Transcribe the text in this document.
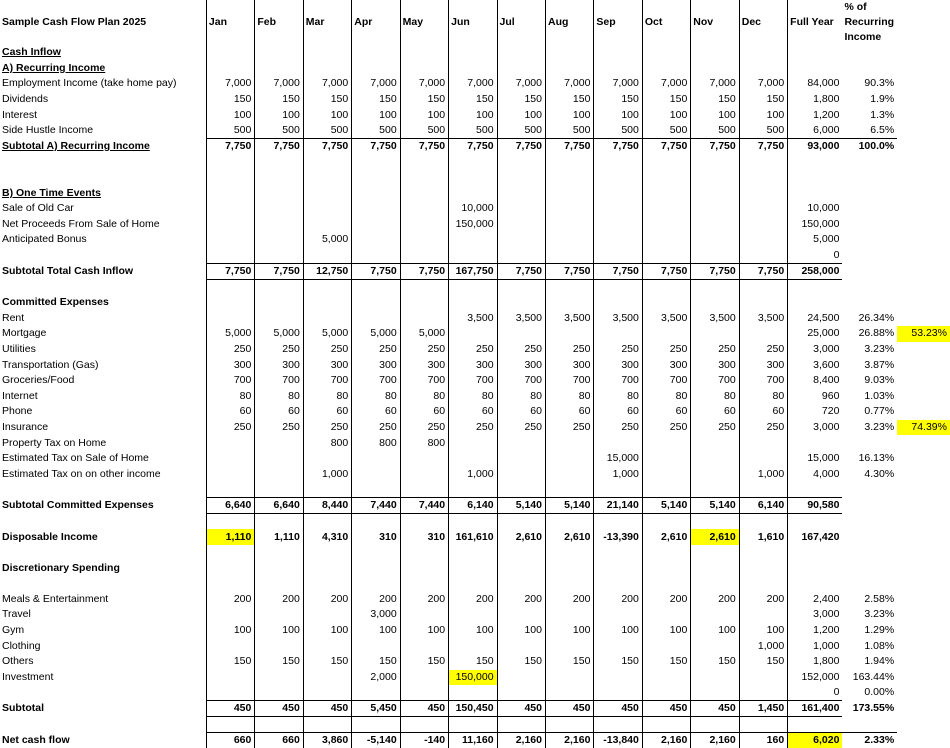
Sample Cash Flow Plan 2025	Jan	Feb	Mar	Apr	May	Jun	Jul	Aug	Sep	Oct	Nov	Dec	Full Year	% of Recurring Income	
Cash Inflow															
A) Recurring Income															
Employment Income (take home pay)	7,000	7,000	7,000	7,000	7,000	7,000	7,000	7,000	7,000	7,000	7,000	7,000	84,000	90.3%	
Dividends	150	150	150	150	150	150	150	150	150	150	150	150	1,800	1.9%	
Interest	100	100	100	100	100	100	100	100	100	100	100	100	1,200	1.3%	
Side Hustle Income	500	500	500	500	500	500	500	500	500	500	500	500	6,000	6.5%	
Subtotal A) Recurring Income	7,750	7,750	7,750	7,750	7,750	7,750	7,750	7,750	7,750	7,750	7,750	7,750	93,000	100.0%	

B) One Time Events															
Sale of Old Car						10,000							10,000		
Net Proceeds From Sale of Home						150,000							150,000		
Anticipated Bonus			5,000										5,000		
													0		
Subtotal Total Cash Inflow	7,750	7,750	12,750	7,750	7,750	167,750	7,750	7,750	7,750	7,750	7,750	7,750	258,000		

Committed Expenses															
Rent						3,500	3,500	3,500	3,500	3,500	3,500	3,500	24,500	26.34%	
Mortgage	5,000	5,000	5,000	5,000	5,000								25,000	26.88%	53.23%
Utilities	250	250	250	250	250	250	250	250	250	250	250	250	3,000	3.23%	
Transportation (Gas)	300	300	300	300	300	300	300	300	300	300	300	300	3,600	3.87%	
Groceries/Food	700	700	700	700	700	700	700	700	700	700	700	700	8,400	9.03%	
Internet	80	80	80	80	80	80	80	80	80	80	80	80	960	1.03%	
Phone	60	60	60	60	60	60	60	60	60	60	60	60	720	0.77%	
Insurance	250	250	250	250	250	250	250	250	250	250	250	250	3,000	3.23%	74.39%
Property Tax on Home			800	800	800										
Estimated Tax on Sale of Home									15,000				15,000	16.13%	
Estimated Tax on on other income			1,000			1,000			1,000			1,000	4,000	4.30%	

Subtotal Committed Expenses	6,640	6,640	8,440	7,440	7,440	6,140	5,140	5,140	21,140	5,140	5,140	6,140	90,580		

Disposable Income	1,110	1,110	4,310	310	310	161,610	2,610	2,610	-13,390	2,610	2,610	1,610	167,420		

Discretionary Spending															

Meals & Entertainment	200	200	200	200	200	200	200	200	200	200	200	200	2,400	2.58%	
Travel				3,000									3,000	3.23%	
Gym	100	100	100	100	100	100	100	100	100	100	100	100	1,200	1.29%	
Clothing												1,000	1,000	1.08%	
Others	150	150	150	150	150	150	150	150	150	150	150	150	1,800	1.94%	
Investment				2,000		150,000							152,000	163.44%	
													0	0.00%	
Subtotal	450	450	450	5,450	450	150,450	450	450	450	450	450	1,450	161,400	173.55%	

Net cash flow	660	660	3,860	-5,140	-140	11,160	2,160	2,160	-13,840	2,160	2,160	160	6,020	2.33%	
